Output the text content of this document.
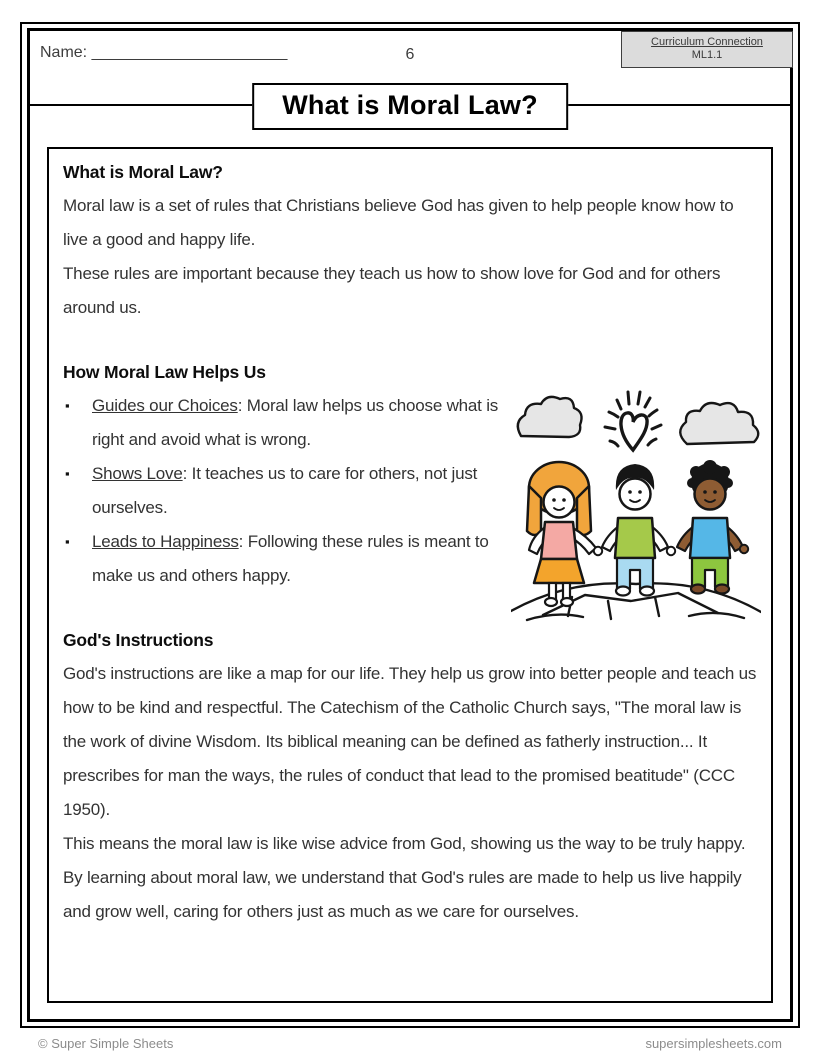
Name: ______________________	6
Curriculum Connection
ML1.1
What is Moral Law?
What is Moral Law?

Moral law is a set of rules that Christians believe God has given to help people know how to live a good and happy life.

These rules are important because they teach us how to show love for God and for others around us.

How Moral Law Helps Us
▪ Guides our Choices: Moral law helps us choose what is right and avoid what is wrong.
▪ Shows Love: It teaches us to care for others, not just ourselves.
▪ Leads to Happiness: Following these rules is meant to make us and others happy.
God's Instructions

God's instructions are like a map for our life. They help us grow into better people and teach us how to be kind and respectful. The Catechism of the Catholic Church says, "The moral law is the work of divine Wisdom. Its biblical meaning can be defined as fatherly instruction... It prescribes for man the ways, the rules of conduct that lead to the promised beatitude" (CCC 1950).

This means the moral law is like wise advice from God, showing us the way to be truly happy.

By learning about moral law, we understand that God's rules are made to help us live happily and grow well, caring for others just as much as we care for ourselves.

© Super Simple Sheets	supersimplesheets.com
